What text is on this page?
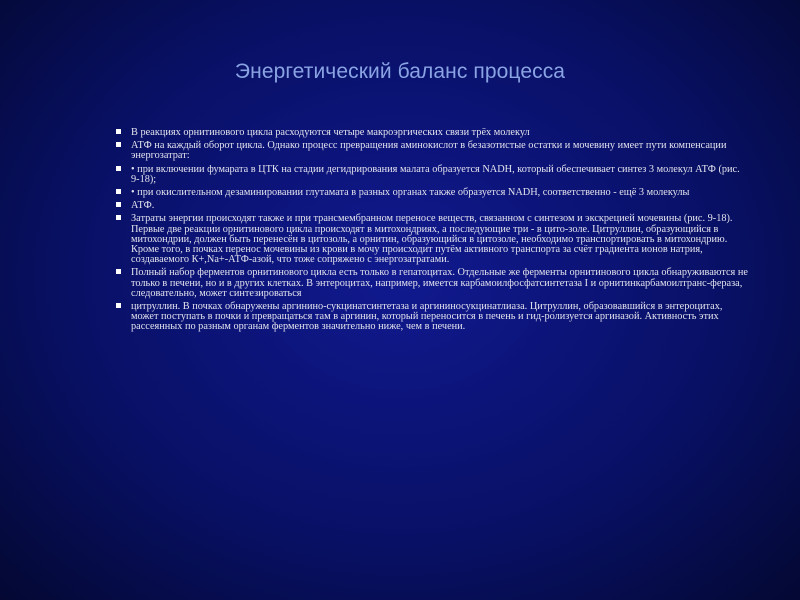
Энергетический баланс процесса
В реакциях орнитинового цикла расходуются четыре макроэргических связи трёх молекул
АТФ на каждый оборот цикла. Однако процесс превращения аминокислот в безазотистые остатки и мочевину имеет пути компенсации энергозатрат:
• при включении фумарата в ЦТК на стадии дегидрирования малата образуется NADH, который обеспечивает синтез 3 молекул АТФ (рис. 9-18);
• при окислительном дезаминировании глутамата в разных органах также образуется NADH, соответственно - ещё 3 молекулы
АТФ.
Затраты энергии происходят также и при трансмембранном переносе веществ, связанном с синтезом и экскрецией мочевины (рис. 9-18). Первые две реакции орнитинового цикла происходят в митохондриях, а последующие три - в цито-золе. Цитруллин, образующийся в митохондрии, должен быть перенесён в цитозоль, а орнитин, образующийся в цитозоле, необходимо транспортировать в митохондрию. Кроме того, в почках перенос мочевины из крови в мочу происходит путём активного транспорта за счёт градиента ионов натрия, создаваемого К+,Na+-АТФ-азой, что тоже сопряжено с энергозатратами.
Полный набор ферментов орнитинового цикла есть только в гепатоцитах. Отдельные же ферменты орнитинового цикла обнаруживаются не только в печени, но и в других клетках. В энтероцитах, например, имеется карбамоилфосфатсинтетаза I и орнитинкарбамоилтранс-фераза, следовательно, может синтезироваться
цитруллин. В почках обнаружены аргинино-сукцинатсинтетаза и аргининосукцинатлиаза. Цитруллин, образовавшийся в энтероцитах, может поступать в почки и превращаться там в аргинин, который переносится в печень и гид-ролизуется аргиназой. Активность этих рассеянных по разным органам ферментов значительно ниже, чем в печени.
